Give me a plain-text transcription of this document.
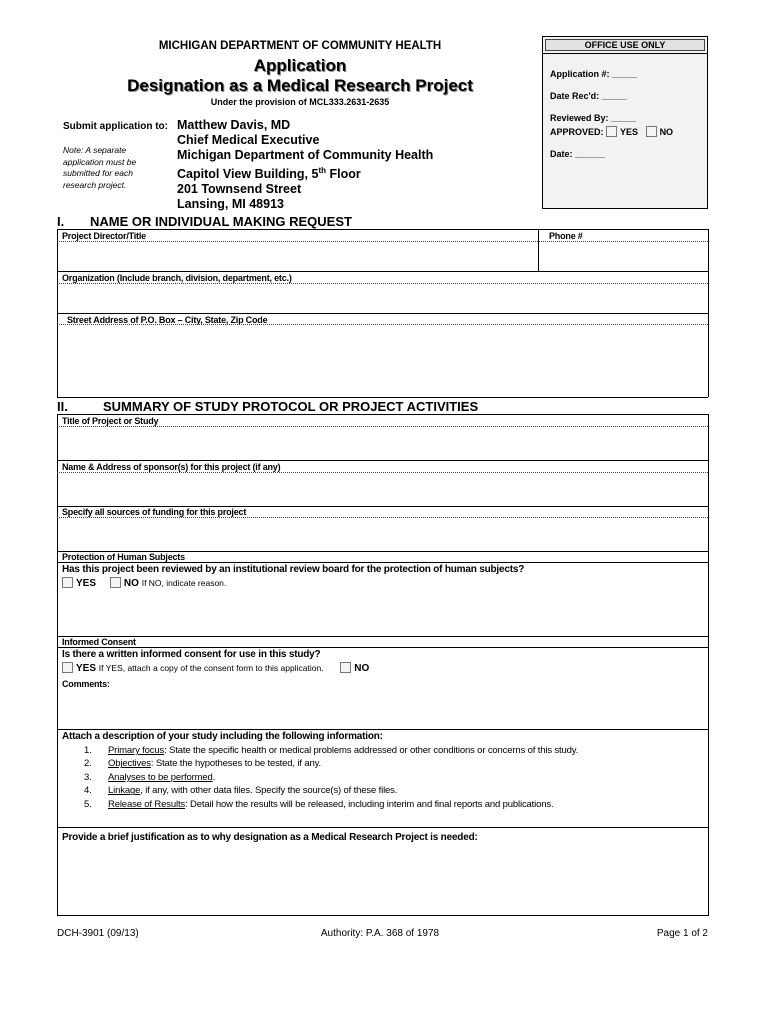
MICHIGAN DEPARTMENT OF COMMUNITY HEALTH
Application
Designation as a Medical Research Project
Under the provision of MCL333.2631-2635
OFFICE USE ONLY
Application #: _____
Date Rec'd: _____
Reviewed By: _____
APPROVED: YES NO
Date: ______
Submit application to:
Note: A separate
application must be
submitted for each
research project.
Matthew Davis, MD
Chief Medical Executive
Michigan Department of Community Health
Capitol View Building, 5th Floor
201 Townsend Street
Lansing, MI 48913
I. NAME OR INDIVIDUAL MAKING REQUEST
Project Director/Title	Phone #
Organization (Include branch, division, department, etc.)
Street Address of P.O. Box – City, State, Zip Code
II.	SUMMARY OF STUDY PROTOCOL OR PROJECT ACTIVITIES
Title of Project or Study
Name & Address of sponsor(s) for this project (if any)
Specify all sources of funding for this project
Protection of Human Subjects
Has this project been reviewed by an institutional review board for the protection of human subjects?
YES	NO If NO, indicate reason.
Informed Consent
Is there a written informed consent for use in this study?
YES If YES, attach a copy of the consent form to this application.	NO
Comments:
Attach a description of your study including the following information:
1. Primary focus: State the specific health or medical problems addressed or other conditions or concerns of this study.
2. Objectives: State the hypotheses to be tested, if any.
3. Analyses to be performed.
4. Linkage, if any, with other data files. Specify the source(s) of these files.
5. Release of Results: Detail how the results will be released, including interim and final reports and publications.
Provide a brief justification as to why designation as a Medical Research Project is needed:
DCH-3901 (09/13)	Authority: P.A. 368 of 1978	Page 1 of 2
